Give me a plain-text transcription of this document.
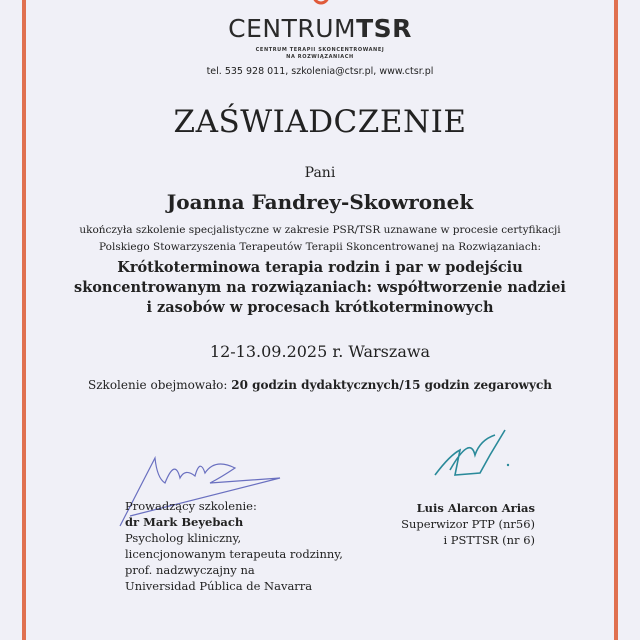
CENTRUMTSR
CENTRUM TERAPII SKONCENTROWANEJ
NA ROZWIĄZANIACH
tel. 535 928 011, szkolenia@ctsr.pl, www.ctsr.pl
ZAŚWIADCZENIE
Pani
Joanna Fandrey-Skowronek
ukończyła szkolenie specjalistyczne w zakresie PSR/TSR uznawane w procesie certyfikacji
Polskiego Stowarzyszenia Terapeutów Terapii Skoncentrowanej na Rozwiązaniach:
Krótkoterminowa terapia rodzin i par w podejściu
skoncentrowanym na rozwiązaniach: współtworzenie nadziei
i zasobów w procesach krótkoterminowych
12-13.09.2025 r. Warszawa
Szkolenie obejmowało: 20 godzin dydaktycznych/15 godzin zegarowych
Prowadzący szkolenie:
dr Mark Beyebach
Psycholog kliniczny,
licencjonowanym terapeuta rodzinny,
prof. nadzwyczajny na
Universidad Pública de Navarra
Luis Alarcon Arias
Superwizor PTP (nr56)
i PSTTSR (nr 6)
